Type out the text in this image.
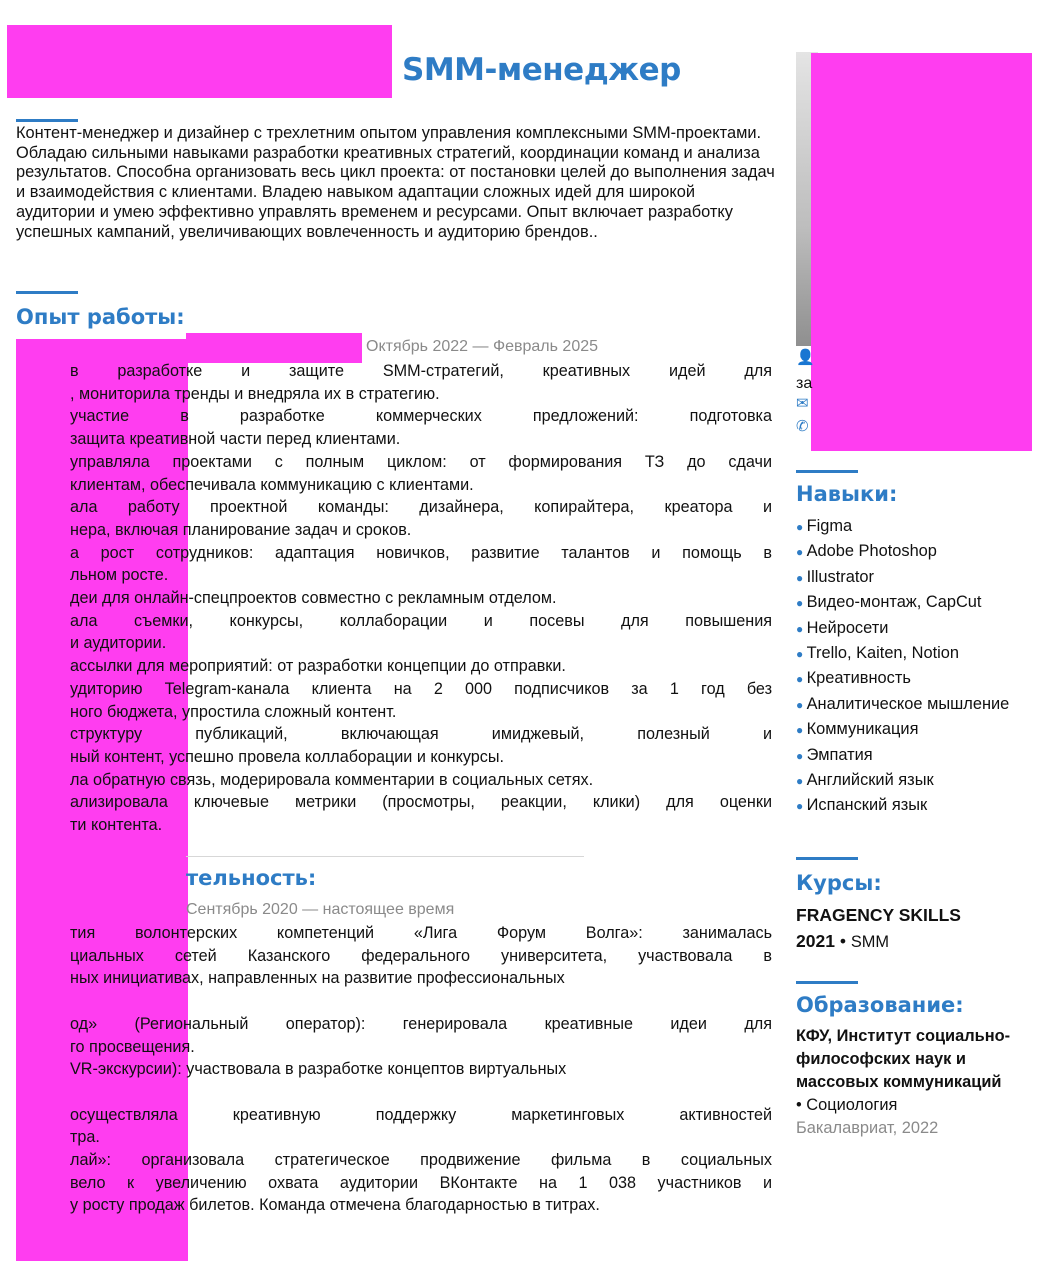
SMM-менеджер

Контент-менеджер и дизайнер с трехлетним опытом управления комплексными SMM-проектами. Обладаю сильными навыками разработки креативных стратегий, координации команд и анализа результатов. Способна организовать весь цикл проекта: от постановки целей до выполнения задач и взаимодействия с клиентами. Владею навыком адаптации сложных идей для широкой аудитории и умею эффективно управлять временем и ресурсами. Опыт включает разработку успешных кампаний, увеличивающих вовлеченность и аудиторию брендов..

Опыт работы:
Октябрь 2022 — Февраль 2025
в разработке и защите SMM-стратегий, креативных идей для
, мониторила тренды и внедряла их в стратегию.
участие в разработке коммерческих предложений: подготовка
защита креативной части перед клиентами.
управляла проектами с полным циклом: от формирования ТЗ до сдачи
клиентам, обеспечивала коммуникацию с клиентами.
ала работу проектной команды: дизайнера, копирайтера, креатора и
нера, включая планирование задач и сроков.
а рост сотрудников: адаптация новичков, развитие талантов и помощь в
льном росте.
деи для онлайн-спецпроектов совместно с рекламным отделом.
ала съемки, конкурсы, коллаборации и посевы для повышения
и аудитории.
ассылки для мероприятий: от разработки концепции до отправки.
удиторию Telegram-канала клиента на 2 000 подписчиков за 1 год без
ного бюджета, упростила сложный контент.
структуру публикаций, включающая имиджевый, полезный и
ный контент, успешно провела коллаборации и конкурсы.
ла обратную связь, модерировала комментарии в социальных сетях.
ализировала ключевые метрики (просмотры, реакции, клики) для оценки
ти контента.
тельность:
Сентябрь 2020 — настоящее время
тия волонтерских компетенций «Лига Форум Волга»: занималась
циальных сетей Казанского федерального университета, участвовала в
ных инициативах, направленных на развитие профессиональных

од» (Региональный оператор): генерировала креативные идеи для
го просвещения.
VR-экскурсии): участвовала в разработке концептов виртуальных

осуществляла креативную поддержку маркетинговых активностей
тра.
лай»: организовала стратегическое продвижение фильма в социальных
вело к увеличению охвата аудитории ВКонтакте на 1 038 участников и
у росту продаж билетов. Команда отмечена благодарностью в титрах.
👤
за
✉
✆
Навыки:
● Figma
● Adobe Photoshop
● Illustrator
● Видео-монтаж, CapCut
● Нейросети
● Trello, Kaiten, Notion
● Креативность
● Аналитическое мышление
● Коммуникация
● Эмпатия
● Английский язык
● Испанский язык
Курсы:
FRAGENCY SKILLS
2021 • SMM
Образование:
КФУ, Институт социально-философских наук и массовых коммуникаций
• Социология
Бакалавриат, 2022
